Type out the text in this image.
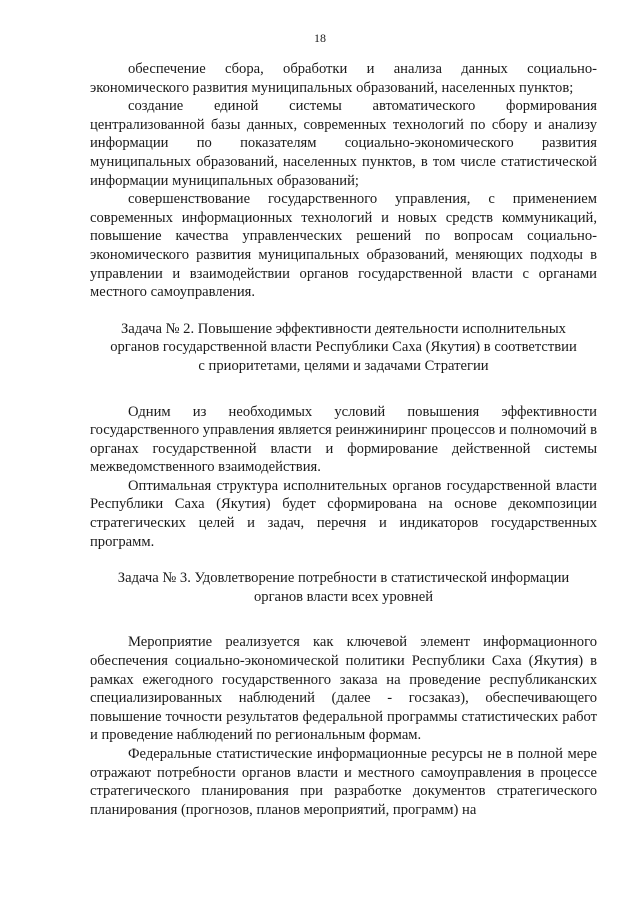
18

обеспечение сбора, обработки и анализа данных социально-экономического развития муниципальных образований, населенных пунктов;

создание единой системы автоматического формирования централизованной базы данных, современных технологий по сбору и анализу информации по показателям социально-экономического развития муниципальных образований, населенных пунктов, в том числе статистической информации муниципальных образований;

совершенствование государственного управления, с применением современных информационных технологий и новых средств коммуникаций, повышение качества управленческих решений по вопросам социально-экономического развития муниципальных образований, меняющих подходы в управлении и взаимодействии органов государственной власти с органами местного самоуправления.

Задача № 2. Повышение эффективности деятельности исполнительных органов государственной власти Республики Саха (Якутия) в соответствии с приоритетами, целями и задачами Стратегии

Одним из необходимых условий повышения эффективности государственного управления является реинжиниринг процессов и полномочий в органах государственной власти и формирование действенной системы межведомственного взаимодействия.

Оптимальная структура исполнительных органов государственной власти Республики Саха (Якутия) будет сформирована на основе декомпозиции стратегических целей и задач, перечня и индикаторов государственных программ.

Задача № 3. Удовлетворение потребности в статистической информации органов власти всех уровней

Мероприятие реализуется как ключевой элемент информационного обеспечения социально-экономической политики Республики Саха (Якутия) в рамках ежегодного государственного заказа на проведение республиканских специализированных наблюдений (далее - госзаказ), обеспечивающего повышение точности результатов федеральной программы статистических работ и проведение наблюдений по региональным формам.

Федеральные статистические информационные ресурсы не в полной мере отражают потребности органов власти и местного самоуправления в процессе стратегического планирования при разработке документов стратегического планирования (прогнозов, планов мероприятий, программ) на
